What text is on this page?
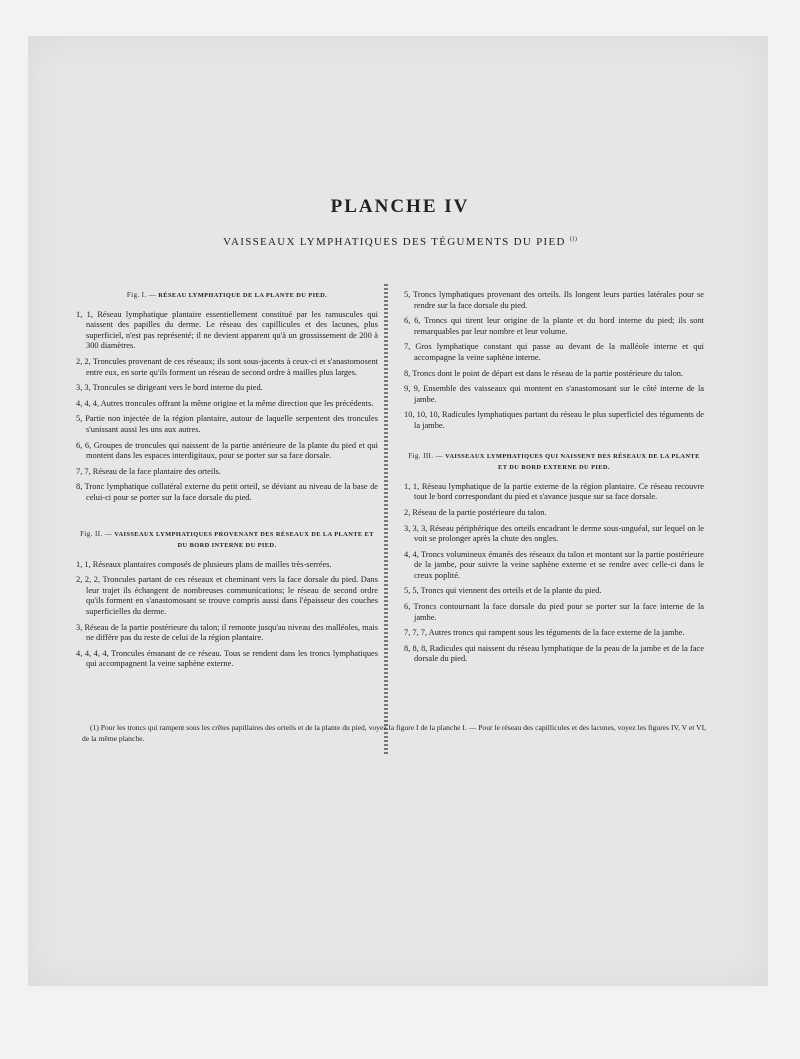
PLANCHE IV
VAISSEAUX LYMPHATIQUES DES TÉGUMENTS DU PIED $^{(1)}$
Fig. I. — RÉSEAU LYMPHATIQUE DE LA PLANTE DU PIED.
1, 1, Réseau lymphatique plantaire essentiellement constitué par les ramuscules qui naissent des papilles du derme. Le réseau des capillicules et des lacunes, plus superficiel, n'est pas représenté; il ne devient apparent qu'à un grossissement de 200 à 300 diamètres.
2, 2, Troncules provenant de ces réseaux; ils sont sous-jacents à ceux-ci et s'anastomosent entre eux, en sorte qu'ils forment un réseau de second ordre à mailles plus larges.
3, 3, Troncules se dirigeant vers le bord interne du pied.
4, 4, 4, Autres troncules offrant la même origine et la même direction que les précédents.
5, Partie non injectée de la région plantaire, autour de laquelle serpentent des troncules s'unissant aussi les uns aux autres.
6, 6, Groupes de troncules qui naissent de la partie antérieure de la plante du pied et qui montent dans les espaces interdigitaux, pour se porter sur sa face dorsale.
7, 7, Réseau de la face plantaire des orteils.
8, Tronc lymphatique collatéral externe du petit orteil, se déviant au niveau de la base de celui-ci pour se porter sur la face dorsale du pied.
Fig. II. — VAISSEAUX LYMPHATIQUES PROVENANT DES RÉSEAUX DE LA PLANTE ET DU BORD INTERNE DU PIED.
1, 1, Réseaux plantaires composés de plusieurs plans de mailles très-serrées.
2, 2, 2, Troncules partant de ces réseaux et cheminant vers la face dorsale du pied. Dans leur trajet ils échangent de nombreuses communications; le réseau de second ordre qu'ils forment en s'anastomosant se trouve compris aussi dans l'épaisseur des couches superficielles du derme.
3, Réseau de la partie postérieure du talon; il remonte jusqu'au niveau des malléoles, mais ne diffère pas du reste de celui de la région plantaire.
4, 4, 4, 4, Troncules émanant de ce réseau. Tous se rendent dans les troncs lymphatiques qui accompagnent la veine saphène externe.
5, Troncs lymphatiques provenant des orteils. Ils longent leurs parties latérales pour se rendre sur la face dorsale du pied.
6, 6, Troncs qui tirent leur origine de la plante et du bord interne du pied; ils sont remarquables par leur nombre et leur volume.
7, Gros lymphatique constant qui passe au devant de la malléole interne et qui accompagne la veine saphène interne.
8, Troncs dont le point de départ est dans le réseau de la partie postérieure du talon.
9, 9, Ensemble des vaisseaux qui montent en s'anastomosant sur le côté interne de la jambe.
10, 10, 10, Radicules lymphatiques partant du réseau le plus superficiel des téguments de la jambe.
Fig. III. — VAISSEAUX LYMPHATIQUES QUI NAISSENT DES RÉSEAUX DE LA PLANTE ET DU BORD EXTERNE DU PIED.
1, 1, Réseau lymphatique de la partie externe de la région plantaire. Ce réseau recouvre tout le bord correspondant du pied et s'avance jusque sur sa face dorsale.
2, Réseau de la partie postérieure du talon.
3, 3, 3, Réseau périphérique des orteils encadrant le derme sous-unguéal, sur lequel on le voit se prolonger après la chute des ongles.
4, 4, Troncs volumineux émanés des réseaux du talon et montant sur la partie postérieure de la jambe, pour suivre la veine saphène externe et se rendre avec celle-ci dans le creux poplité.
5, 5, Troncs qui viennent des orteils et de la plante du pied.
6, Troncs contournant la face dorsale du pied pour se porter sur la face interne de la jambe.
7, 7, 7, Autres troncs qui rampent sous les téguments de la face externe de la jambe.
8, 8, 8, Radicules qui naissent du réseau lymphatique de la peau de la jambe et de la face dorsale du pied.
(1) Pour les troncs qui rampent sous les crêtes papillaires des orteils et de la plante du pied, voyez la figure I de la planche I. — Pour le réseau des capillicules et des lacunes, voyez les figures IV, V et VI, de la même planche.
